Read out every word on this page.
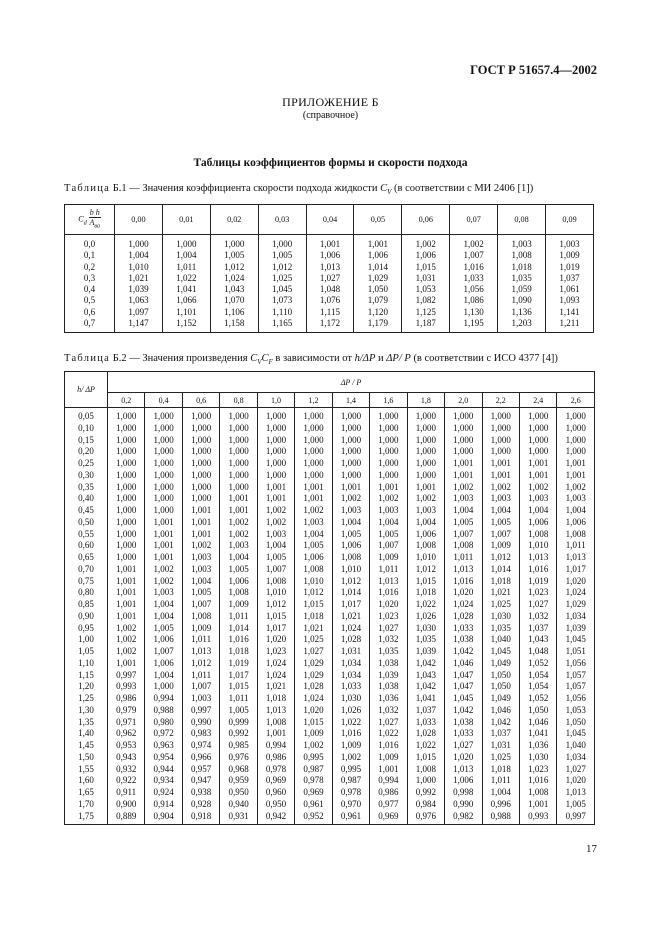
ГОСТ Р 51657.4—2002
ПРИЛОЖЕНИЕ Б
(справочное)
Таблицы коэффициентов формы и скорости подхода
Таблица Б.1 — Значения коэффициента скорости подхода жидкости $C_V$ (в соответствии с МИ 2406 [1])
$C_d \frac{\text{b h}}{A_{ва}}$	0,00	0,01	0,02	0,03	0,04	0,05	0,06	0,07	0,08	0,09
0,0	1,000	1,000	1,000	1,000	1,001	1,001	1,002	1,002	1,003	1,003
0,1	1,004	1,004	1,005	1,005	1,006	1,006	1,006	1,007	1,008	1,009
0,2	1,010	1,011	1,012	1,012	1,013	1,014	1,015	1,016	1,018	1,019
0,3	1,021	1,022	1,024	1,025	1,027	1,029	1,031	1,033	1,035	1,037
0,4	1,039	1,041	1,043	1,045	1,048	1,050	1,053	1,056	1,059	1,061
0,5	1,063	1,066	1,070	1,073	1,076	1,079	1,082	1,086	1,090	1,093
0,6	1,097	1,101	1,106	1,110	1,115	1,120	1,125	1,130	1,136	1,141
0,7	1,147	1,152	1,158	1,165	1,172	1,179	1,187	1,195	1,203	1,211
Таблица Б.2 — Значения произведения $C_VC_F$ в зависимости от h/ΔP и ΔP/ P (в соответствии с ИСО 4377 [4])
h/ ΔP	ΔP / P												
	0,2	0,4	0,6	0,8	1,0	1,2	1,4	1,6	1,8	2,0	2,2	2,4	2,6
0,05	1,000	1,000	1,000	1,000	1,000	1,000	1,000	1,000	1,000	1,000	1,000	1,000	1,000
0,10	1,000	1,000	1,000	1,000	1,000	1,000	1,000	1,000	1,000	1,000	1,000	1,000	1,000
0,15	1,000	1,000	1,000	1,000	1,000	1,000	1,000	1,000	1,000	1,000	1,000	1,000	1,000
0,20	1,000	1,000	1,000	1,000	1,000	1,000	1,000	1,000	1,000	1,000	1,000	1,000	1,000
0,25	1,000	1,000	1,000	1,000	1,000	1,000	1,000	1,000	1,000	1,001	1,001	1,001	1,001
0,30	1,000	1,000	1,000	1,000	1,000	1,000	1,000	1,000	1,000	1,001	1,001	1,001	1,001
0,35	1,000	1,000	1,000	1,000	1,001	1,001	1,001	1,001	1,001	1,002	1,002	1,002	1,002
0,40	1,000	1,000	1,000	1,001	1,001	1,001	1,002	1,002	1,002	1,003	1,003	1,003	1,003
0,45	1,000	1,000	1,001	1,001	1,002	1,002	1,003	1,003	1,003	1,004	1,004	1,004	1,004
0,50	1,000	1,001	1,001	1,002	1,002	1,003	1,004	1,004	1,004	1,005	1,005	1,006	1,006
0,55	1,000	1,001	1,001	1,002	1,003	1,004	1,005	1,005	1,006	1,007	1,007	1,008	1,008
0,60	1,000	1,001	1,002	1,003	1,004	1,005	1,006	1,007	1,008	1,008	1,009	1,010	1,011
0,65	1,000	1,001	1,003	1,004	1,005	1,006	1,008	1,009	1,010	1,011	1,012	1,013	1,013
0,70	1,001	1,002	1,003	1,005	1,007	1,008	1,010	1,011	1,012	1,013	1,014	1,016	1,017
0,75	1,001	1,002	1,004	1,006	1,008	1,010	1,012	1,013	1,015	1,016	1,018	1,019	1,020
0,80	1,001	1,003	1,005	1,008	1,010	1,012	1,014	1,016	1,018	1,020	1,021	1,023	1,024
0,85	1,001	1,004	1,007	1,009	1,012	1,015	1,017	1,020	1,022	1,024	1,025	1,027	1,029
0,90	1,001	1,004	1,008	1,011	1,015	1,018	1,021	1,023	1,026	1,028	1,030	1,032	1,034
0,95	1,002	1,005	1,009	1,014	1,017	1,021	1,024	1,027	1,030	1,033	1,035	1,037	1,039
1,00	1,002	1,006	1,011	1,016	1,020	1,025	1,028	1,032	1,035	1,038	1,040	1,043	1,045
1,05	1,002	1,007	1,013	1,018	1,023	1,027	1,031	1,035	1,039	1,042	1,045	1,048	1,051
1,10	1,001	1,006	1,012	1,019	1,024	1,029	1,034	1,038	1,042	1,046	1,049	1,052	1,056
1,15	0,997	1,004	1,011	1,017	1,024	1,029	1,034	1,039	1,043	1,047	1,050	1,054	1,057
1,20	0,993	1,000	1,007	1,015	1,021	1,028	1,033	1,038	1,042	1,047	1,050	1,054	1,057
1,25	0,986	0,994	1,003	1,011	1,018	1,024	1,030	1,036	1,041	1,045	1,049	1,052	1,056
1,30	0,979	0,988	0,997	1,005	1,013	1,020	1,026	1,032	1,037	1,042	1,046	1,050	1,053
1,35	0,971	0,980	0,990	0,999	1,008	1,015	1,022	1,027	1,033	1,038	1,042	1,046	1,050
1,40	0,962	0,972	0,983	0,992	1,001	1,009	1,016	1,022	1,028	1,033	1,037	1,041	1,045
1,45	0,953	0,963	0,974	0,985	0,994	1,002	1,009	1,016	1,022	1,027	1,031	1,036	1,040
1,50	0,943	0,954	0,966	0,976	0,986	0,995	1,002	1,009	1,015	1,020	1,025	1,030	1,034
1,55	0,932	0,944	0,957	0,968	0,978	0,987	0,995	1,001	1,008	1,013	1,018	1,023	1,027
1,60	0,922	0,934	0,947	0,959	0,969	0,978	0,987	0,994	1,000	1,006	1,011	1,016	1,020
1,65	0,911	0,924	0,938	0,950	0,960	0,969	0,978	0,986	0,992	0,998	1,004	1,008	1,013
1,70	0,900	0,914	0,928	0,940	0,950	0,961	0,970	0,977	0,984	0,990	0,996	1,001	1,005
1,75	0,889	0,904	0,918	0,931	0,942	0,952	0,961	0,969	0,976	0,982	0,988	0,993	0,997
17
